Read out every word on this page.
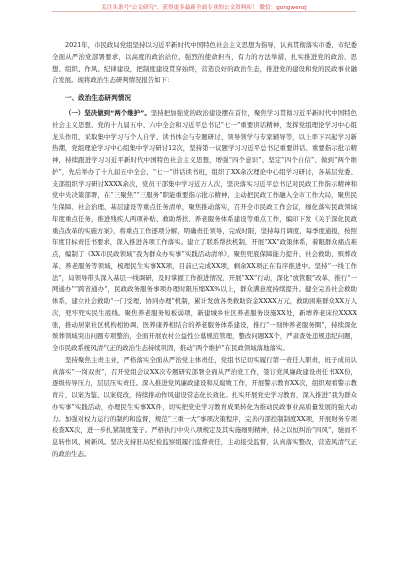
关注头条号"公文研究"，获得更多最新全面专业的公文资料库！ 微信：gongwenzj

2021年，市民政局党组坚持以习近平新时代中国特色社会主义思想为指导，认真贯彻落实市委、市纪委全面从严治党部署要求，以高度的政治站位、强烈的使命担当、有力的方法举措，扎实推进党的政治、思想、组织、作风、纪律建设，把制度建设贯穿始终，营造良好的政治生态，推进党的建设和党的民政事业融合发展。现将政治生态研判情况报告如下：

一、政治生态研判情况

（一）坚决做到“两个维护”。坚持把加强党的政治建设摆在首位，聚焦学习贯彻习近平新时代中国特色社会主义思想、党的十九届五中、六中全会和习近平总书记“七一”重要讲话精神，发挥党组理论学习中心组龙头作用，采取集中学习与个人自学、读书体会与专题研讨、领导领学与专家辅导等，以上率下兴起学习新热潮，党组理论学习中心组集中学习研讨12次，坚持第一议题学习习近平总书记重要讲话、重要指示批示精神，持续跟进学习习近平新时代中国特色社会主义思想，增强“四个意识”、坚定“四个自信”、做到“两个维护”，先后举办了十九届五中全会、“七一”讲话读书班，组织了XX余次理论中心组学习研讨，各基层党委、支部组织学习研讨XXXX余次，党员干部集中学习近万人次，坚决落实习近平总书记对民政工作指示精神和党中央决策部署，在“三聚焦”“三服务”职能重要指示批示精神，主动把民政工作融入全市工作大局，聚焦民生保障、社会治理、基层建设等重点任务清单，聚焦推动落实，召开全市民政工作会议，细化落实民政领域年度重点任务，推进残疾人两项补贴、救助帮扶、养老服务体系建设等重点工作，编印下发《关于深化民政重点改革的实施方案》，将重点工作逐项分解，明确责任领导、完成时限，坚持每月调度、每季度通报，按照年度目标责任书要求，深入推进各项工作落实。建立了联系帮扶机制，开展“XX”政策体系，着眼群众痛点难点，编制了《XX市民政领域“我为群众办实事”实践活动清单》，聚焦兜底保障能力提升、社会救助、殡葬改革、养老服务等领域，梳理民生实事XX项，目前已完成XX项，剩余XX项正在有序推进中。坚持“一线工作法”，局领导带头深入基层一线调研，及时掌握工作推进情况，开展“XX”行动，深化“放管服”改革，推行“一网通办”“跨省通办”，民政政务服务事项办理时限压缩XX%以上，群众满意度持续提升。健全完善社会救助体系，建立社会救助“一门受理、协同办理”机制，累计发放各类救助资金XXXX万元，救助困难群众XX万人次，兜牢兜实民生底线。聚焦养老服务短板弱项，新建城乡社区养老服务设施XX处，新增养老床位XXXX张，推动居家社区机构相协调、医养康养相结合的养老服务体系建设，推行“一刻钟养老服务圈”，持续深化殡葬领域突出问题专项整治，全面开展农村公益性公墓规范管理，整改问题XX个，严肃查处违规违纪问题，全市民政系统风清气正的政治生态持续巩固，推动“两个维护”在民政领域落地落实。

坚持聚焦主责主业，严格落实全面从严治党主体责任，党组书记切实履行第一责任人职责，班子成员认真落实“一岗双责”，召开党组会议XX次专题研究部署全面从严治党工作，签订党风廉政建设责任书XX份，逐级传导压力，层层压实责任。深入推进党风廉政建设和反腐败工作，开展警示教育XX次，组织观看警示教育片，以案为鉴、以案促改，持续推动作风建设常态化长效化。扎实开展党史学习教育，深入推进“我为群众办实事”实践活动，办理民生实事XX件，切实把党史学习教育成果转化为推动民政事业高质量发展的强大动力。加强对权力运行的制约和监督，规范“三重一大”事项决策程序，完善内部控制制度XX项，开展财务专项检查XX次，进一步扎紧制度笼子。严格执行中央八项规定及其实施细则精神，持之以恒纠治“四风”，驰而不息转作风、树新风。坚决支持驻局纪检监察组履行监督责任，主动接受监督，认真落实整改，营造风清气正的政治生态。
